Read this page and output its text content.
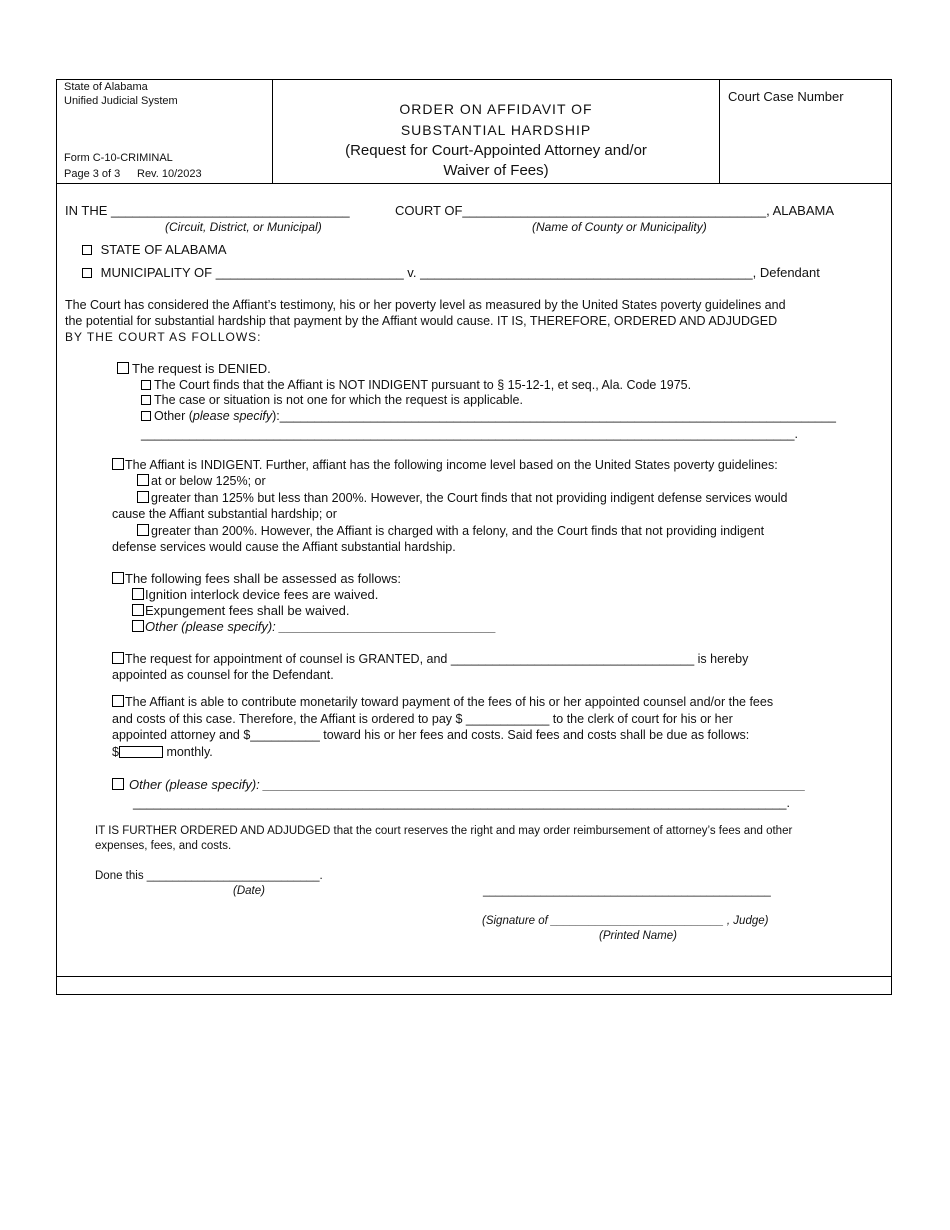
State of Alabama
Unified Judicial System
Form C-10-CRIMINAL
Page 3 of 3 Rev. 10/2023
ORDER ON AFFIDAVIT OF
SUBSTANTIAL HARDSHIP
(Request for Court-Appointed Attorney and/or
Waiver of Fees)
Court Case Number
IN THE _________________________________	COURT OF__________________________________________, ALABAMA
(Circuit, District, or Municipal)	(Name of County or Municipality)
STATE OF ALABAMA
MUNICIPALITY OF __________________________ v. ______________________________________________, Defendant
The Court has considered the Affiant’s testimony, his or her poverty level as measured by the United States poverty guidelines and
the potential for substantial hardship that payment by the Affiant would cause. IT IS, THEREFORE, ORDERED AND ADJUDGED
BY THE COURT AS FOLLOWS:
The request is DENIED.
The Court finds that the Affiant is NOT INDIGENT pursuant to § 15-12-1, et seq., Ala. Code 1975.
The case or situation is not one for which the request is applicable.
Other (please specify):________________________________________________________________________________
______________________________________________________________________________________________.
The Affiant is INDIGENT. Further, affiant has the following income level based on the United States poverty guidelines:
at or below 125%; or
greater than 125% but less than 200%. However, the Court finds that not providing indigent defense services would
cause the Affiant substantial hardship; or
greater than 200%. However, the Affiant is charged with a felony, and the Court finds that not providing indigent
defense services would cause the Affiant substantial hardship.
The following fees shall be assessed as follows:
Ignition interlock device fees are waived.
Expungement fees shall be waived.
Other (please specify): ______________________________
The request for appointment of counsel is GRANTED, and ___________________________________ is hereby
appointed as counsel for the Defendant.
The Affiant is able to contribute monetarily toward payment of the fees of his or her appointed counsel and/or the fees
and costs of this case. Therefore, the Affiant is ordered to pay $ ____________ to the clerk of court for his or her
appointed attorney and $__________ toward his or her fees and costs. Said fees and costs shall be due as follows:
$	monthly.
Other (please specify): ___________________________________________________________________________
______________________________________________________________________________________________.
IT IS FURTHER ORDERED AND ADJUDGED that the court reserves the right and may order reimbursement of attorney’s fees and other
expenses, fees, and costs.
Done this ___________________________.
(Date)	_____________________________________________
(Signature of ___________________________ , Judge)
(Printed Name)
